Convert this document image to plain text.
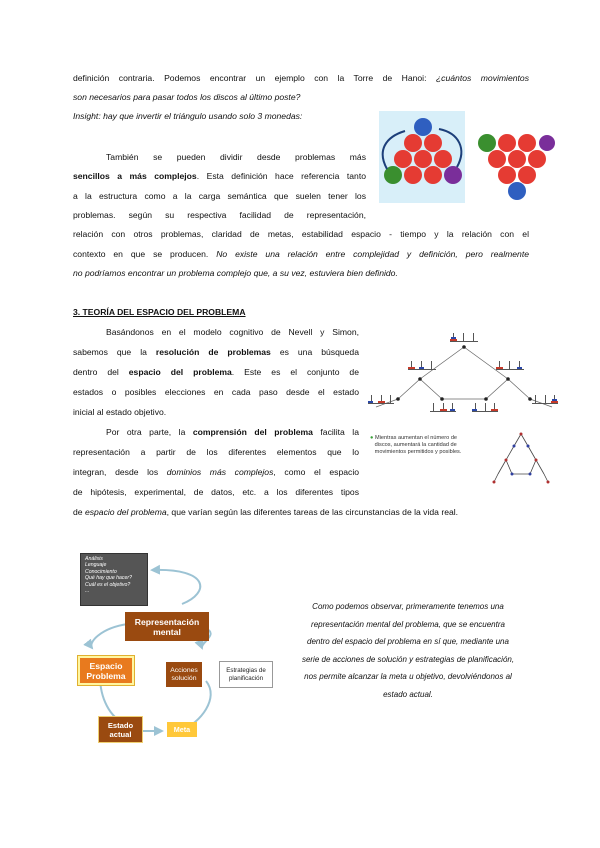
definición contraria. Podemos encontrar un ejemplo con la Torre de Hanoi: ¿cuántos movimientos
son necesarios para pasar todos los discos al último poste?
Insight: hay que invertir el triángulo usando solo 3 monedas:
También se pueden dividir desde problemas más
sencillos a más complejos. Esta definición hace referencia tanto
a la estructura como a la carga semántica que suelen tener los
problemas. según su respectiva facilidad de representación,
relación con otros problemas, claridad de metas, estabilidad espacio - tiempo y la relación con el
contexto en que se producen. No existe una relación entre complejidad y definición, pero realmente
no podríamos encontrar un problema complejo que, a su vez, estuviera bien definido.
3. TEORÍA DEL ESPACIO DEL PROBLEMA
Basándonos en el modelo cognitivo de Nevell y Simon,
sabemos que la resolución de problemas es una búsqueda
dentro del espacio del problema. Este es el conjunto de
estados o posibles elecciones en cada paso desde el estado
inicial al estado objetivo.
Por otra parte, la comprensión del problema facilita la
representación a partir de los diferentes elementos que lo
integran, desde los dominios más complejos, como el espacio
de hipótesis, experimental, de datos, etc. a los diferentes tipos
de espacio del problema, que varían según las diferentes tareas de las circunstancias de la vida real.
● Mientras aumentan el número de
discos, aumentará la cantidad de
movimientos permitidos y posibles.
Análisis
Lenguaje
Conocimiento
Qué hay que hacer?
Cuál es el objetivo?
...
Representación mental
Espacio Problema
Acciones solución
Estrategias de planificación
Estado actual	Meta
Como podemos observar, primeramente tenemos una
representación mental del problema, que se encuentra
dentro del espacio del problema en sí que, mediante una
serie de acciones de solución y estrategias de planificación,
nos permite alcanzar la meta u objetivo, devolviéndonos al
estado actual.
